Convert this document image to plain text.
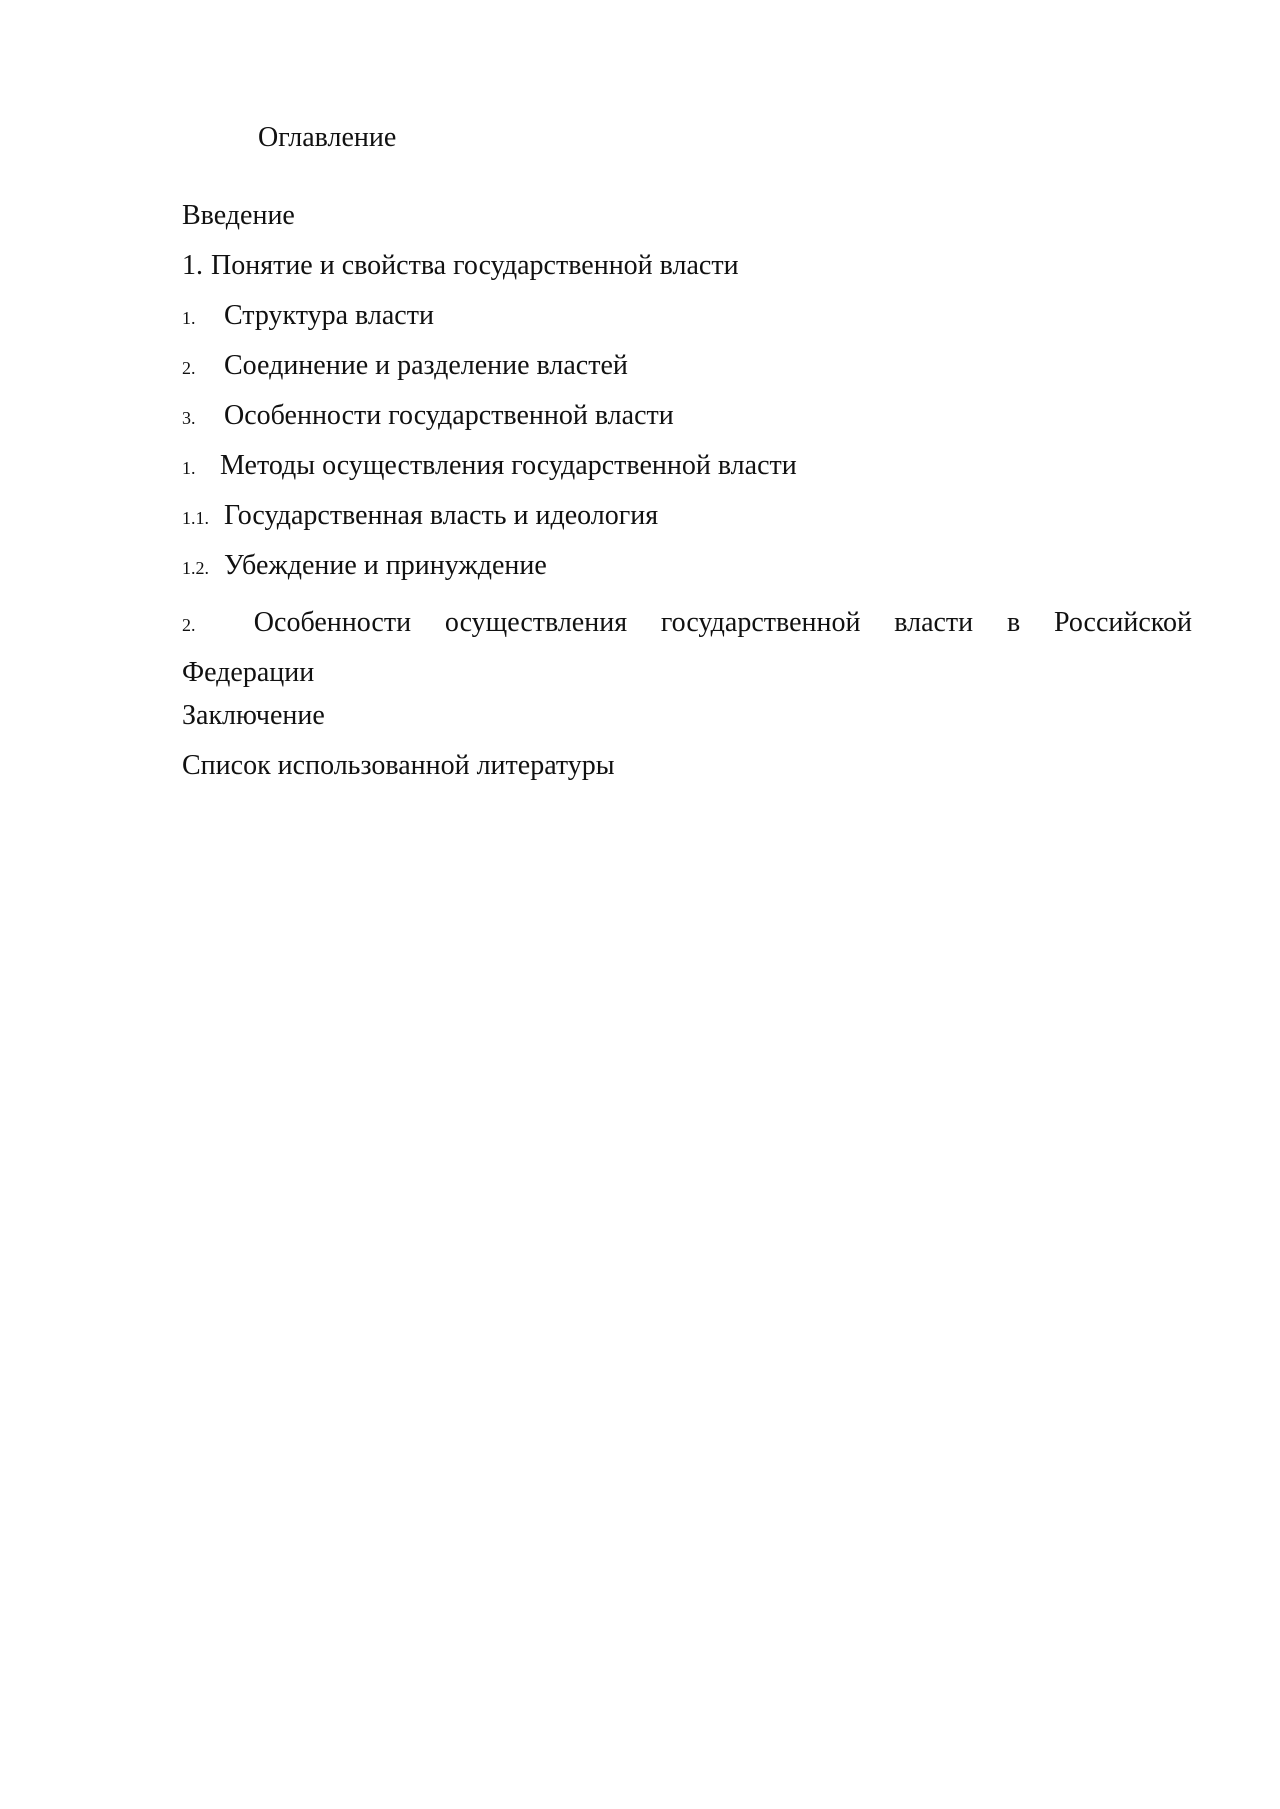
Оглавление
Введение
1. Понятие и свойства государственной власти
1.	Структура власти
2.	Соединение и разделение властей
3.	Особенности государственной власти
1. Методы осуществления государственной власти
1.1. Государственная власть и идеология
1.2. Убеждение и принуждение
2.	Особенности осуществления государственной власти в Российской
Федерации
Заключение
Список использованной литературы
